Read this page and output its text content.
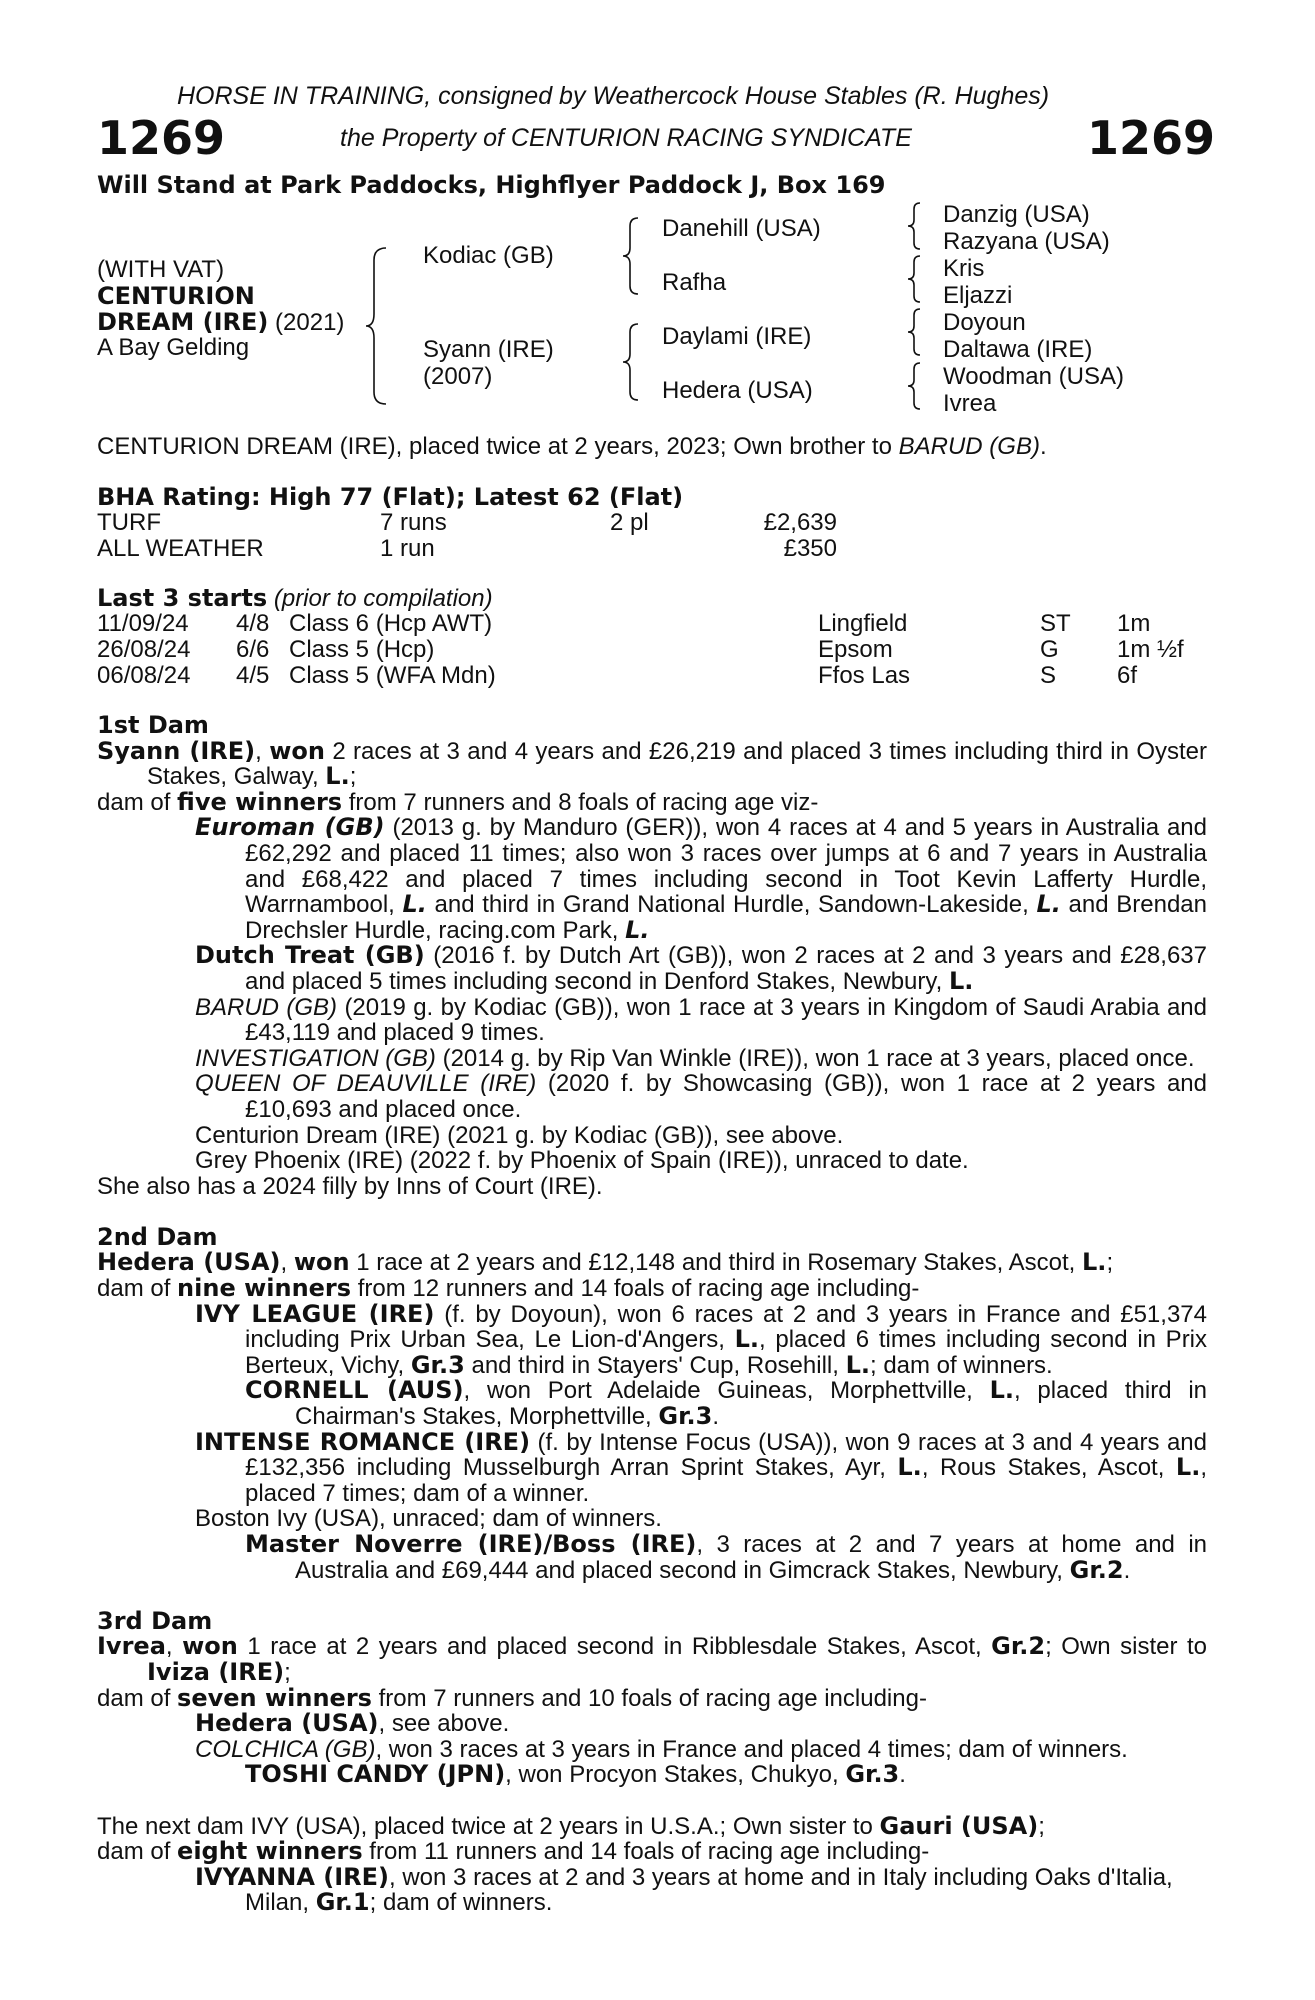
HORSE IN TRAINING, consigned by Weathercock House Stables (R. Hughes)
1269	the Property of CENTURION RACING SYNDICATE	1269
Will Stand at Park Paddocks, Highflyer Paddock J, Box 169
(WITH VAT)
CENTURION
DREAM (IRE) (2021)
A Bay Gelding
Kodiac (GB)
Syann (IRE)
(2007)
Danehill (USA)
Rafha
Daylami (IRE)
Hedera (USA)
Danzig (USA)
Razyana (USA)
Kris
Eljazzi
Doyoun
Daltawa (IRE)
Woodman (USA)
Ivrea
CENTURION DREAM (IRE), placed twice at 2 years, 2023; Own brother to BARUD (GB).
BHA Rating: High 77 (Flat); Latest 62 (Flat)
TURF	7 runs	2 pl	£2,639
ALL WEATHER	1 run	£350
Last 3 starts (prior to compilation)
11/09/24 4/8 Class 6 (Hcp AWT)	Lingfield	ST 1m
26/08/24 6/6 Class 5 (Hcp)	Epsom	G 1m ½f
06/08/24 4/5 Class 5 (WFA Mdn)	Ffos Las	S	6f

1st Dam

Syann (IRE), won 2 races at 3 and 4 years and £26,219 and placed 3 times including third in Oyster Stakes, Galway, L.;

dam of five winners from 7 runners and 8 foals of racing age viz-

Euroman (GB) (2013 g. by Manduro (GER)), won 4 races at 4 and 5 years in Australia and £62,292 and placed 11 times; also won 3 races over jumps at 6 and 7 years in Australia and £68,422 and placed 7 times including second in Toot Kevin Lafferty Hurdle, Warrnambool, L. and third in Grand National Hurdle, Sandown-Lakeside, L. and Brendan Drechsler Hurdle, racing.com Park, L.

Dutch Treat (GB) (2016 f. by Dutch Art (GB)), won 2 races at 2 and 3 years and £28,637 and placed 5 times including second in Denford Stakes, Newbury, L.

BARUD (GB) (2019 g. by Kodiac (GB)), won 1 race at 3 years in Kingdom of Saudi Arabia and £43,119 and placed 9 times.

INVESTIGATION (GB) (2014 g. by Rip Van Winkle (IRE)), won 1 race at 3 years, placed once.

QUEEN OF DEAUVILLE (IRE) (2020 f. by Showcasing (GB)), won 1 race at 2 years and £10,693 and placed once.

Centurion Dream (IRE) (2021 g. by Kodiac (GB)), see above.

Grey Phoenix (IRE) (2022 f. by Phoenix of Spain (IRE)), unraced to date.

She also has a 2024 filly by Inns of Court (IRE).

2nd Dam

Hedera (USA), won 1 race at 2 years and £12,148 and third in Rosemary Stakes, Ascot, L.;

dam of nine winners from 12 runners and 14 foals of racing age including-

IVY LEAGUE (IRE) (f. by Doyoun), won 6 races at 2 and 3 years in France and £51,374 including Prix Urban Sea, Le Lion-d'Angers, L., placed 6 times including second in Prix Berteux, Vichy, Gr.3 and third in Stayers' Cup, Rosehill, L.; dam of winners.

CORNELL (AUS), won Port Adelaide Guineas, Morphettville, L., placed third in Chairman's Stakes, Morphettville, Gr.3.

INTENSE ROMANCE (IRE) (f. by Intense Focus (USA)), won 9 races at 3 and 4 years and £132,356 including Musselburgh Arran Sprint Stakes, Ayr, L., Rous Stakes, Ascot, L., placed 7 times; dam of a winner.

Boston Ivy (USA), unraced; dam of winners.

Master Noverre (IRE)/Boss (IRE), 3 races at 2 and 7 years at home and in Australia and £69,444 and placed second in Gimcrack Stakes, Newbury, Gr.2.

3rd Dam

Ivrea, won 1 race at 2 years and placed second in Ribblesdale Stakes, Ascot, Gr.2; Own sister to Iviza (IRE);

dam of seven winners from 7 runners and 10 foals of racing age including-

Hedera (USA), see above.

COLCHICA (GB), won 3 races at 3 years in France and placed 4 times; dam of winners.

TOSHI CANDY (JPN), won Procyon Stakes, Chukyo, Gr.3.

The next dam IVY (USA), placed twice at 2 years in U.S.A.; Own sister to Gauri (USA);

dam of eight winners from 11 runners and 14 foals of racing age including-

IVYANNA (IRE), won 3 races at 2 and 3 years at home and in Italy including Oaks d'Italia, Milan, Gr.1; dam of winners.
